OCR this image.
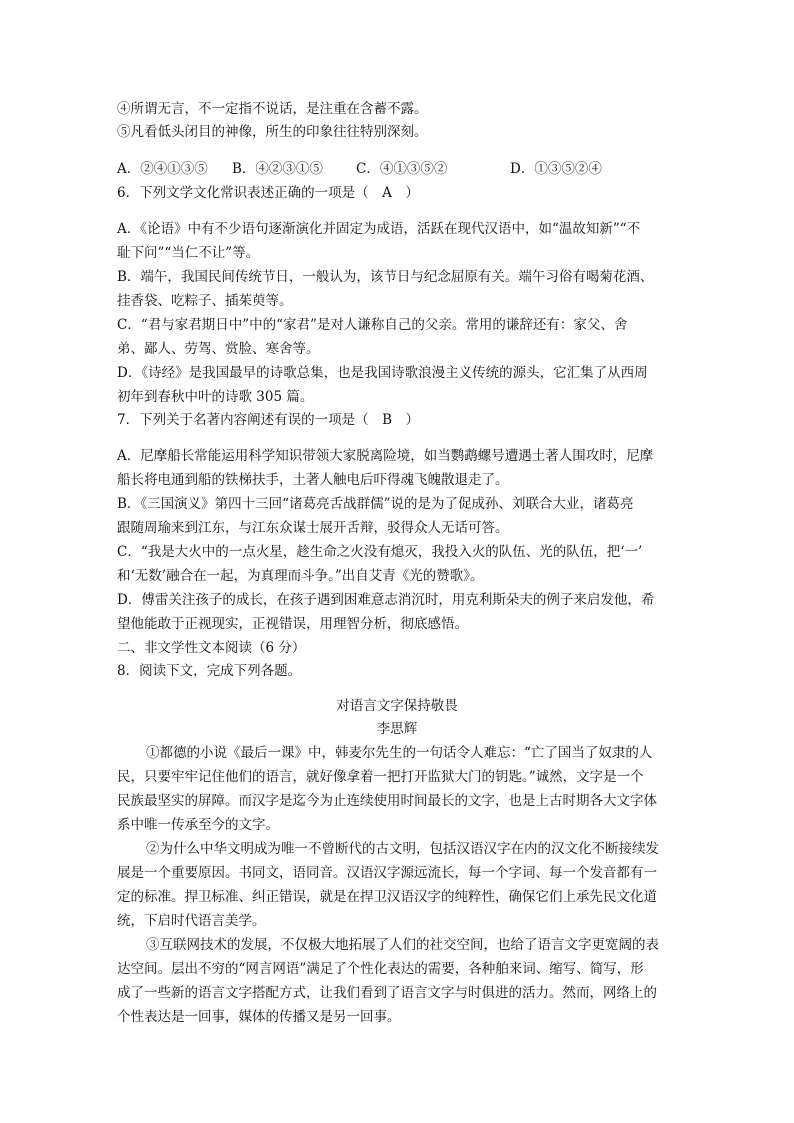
④所谓无言，不一定指不说话，是注重在含蓄不露。
⑤凡看低头闭目的神像，所生的印象往往特别深刻。
A．②④①③⑤ B．④②③①⑤ C．④①③⑤②	D．①③⑤②④
6．下列文学文化常识表述正确的一项是（　A　）
A．《论语》中有不少语句逐渐演化并固定为成语，活跃在现代汉语中，如“温故知新”“不
耻下问”“当仁不让”等。
B．端午，我国民间传统节日，一般认为，该节日与纪念屈原有关。端午习俗有喝菊花酒、
挂香袋、吃粽子、插茱萸等。
C．“君与家君期日中”中的“家君”是对人谦称自己的父亲。常用的谦辞还有：家父、舍
弟、鄙人、劳驾、赏脸、寒舍等。
D．《诗经》是我国最早的诗歌总集，也是我国诗歌浪漫主义传统的源头，它汇集了从西周
初年到春秋中叶的诗歌 305 篇。
7．下列关于名著内容阐述有误的一项是（　B　）
A．尼摩船长常能运用科学知识带领大家脱离险境，如当鹦鹉螺号遭遇土著人围攻时，尼摩
船长将电通到船的铁梯扶手，土著人触电后吓得魂飞魄散退走了。
B．《三国演义》第四十三回“诸葛亮舌战群儒”说的是为了促成孙、刘联合大业，诸葛亮
跟随周瑜来到江东，与江东众谋士展开舌辩，驳得众人无话可答。
C．“我是大火中的一点火星，趁生命之火没有熄灭，我投入火的队伍、光的队伍，把‘一’
和‘无数’融合在一起，为真理而斗争。”出自艾青《光的赞歌》。
D．傅雷关注孩子的成长，在孩子遇到困难意志消沉时，用克利斯朵夫的例子来启发他，希
望他能敢于正视现实，正视错误，用理智分析，彻底感悟。
二、非文学性文本阅读（6 分）
8．阅读下文，完成下列各题。
对语言文字保持敬畏
李思辉
①都德的小说《最后一课》中，韩麦尔先生的一句话令人难忘：“亡了国当了奴隶的人
民，只要牢牢记住他们的语言，就好像拿着一把打开监狱大门的钥匙。”诚然，文字是一个
民族最坚实的屏障。而汉字是迄今为止连续使用时间最长的文字，也是上古时期各大文字体
系中唯一传承至今的文字。
②为什么中华文明成为唯一不曾断代的古文明，包括汉语汉字在内的汉文化不断接续发
展是一个重要原因。书同文，语同音。汉语汉字源远流长，每一个字词、每一个发音都有一
定的标准。捍卫标准、纠正错误，就是在捍卫汉语汉字的纯粹性，确保它们上承先民文化道
统，下启时代语言美学。
③互联网技术的发展，不仅极大地拓展了人们的社交空间，也给了语言文字更宽阔的表
达空间。层出不穷的“网言网语”满足了个性化表达的需要，各种舶来词、缩写、简写，形
成了一些新的语言文字搭配方式，让我们看到了语言文字与时俱进的活力。然而，网络上的
个性表达是一回事，媒体的传播又是另一回事。
